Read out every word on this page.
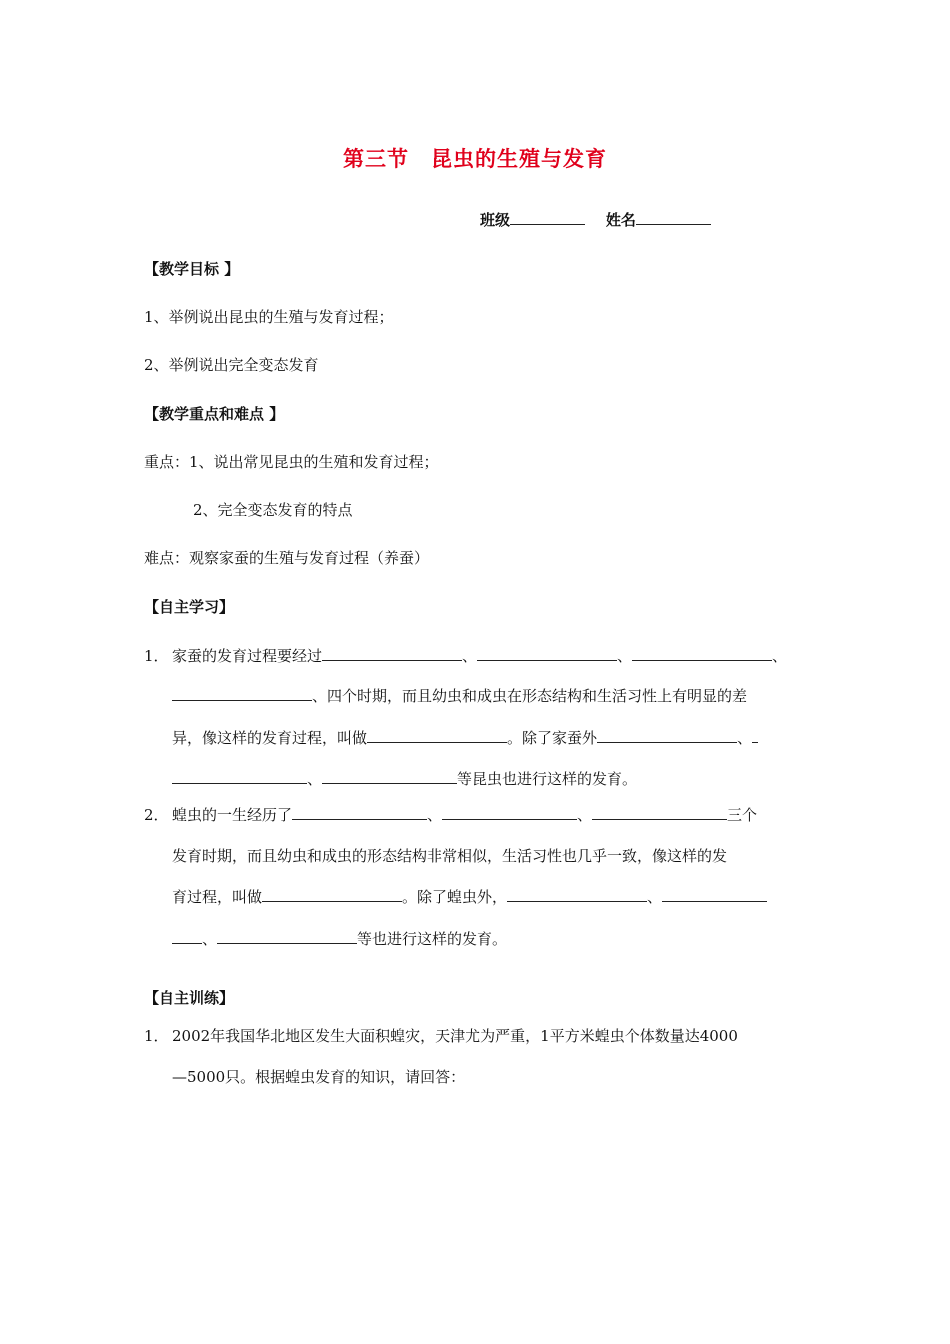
第三节　昆虫的生殖与发育
班级	姓名
【教学目标 】
1、举例说出昆虫的生殖与发育过程；
2、举例说出完全变态发育
【教学重点和难点 】
重点：1、说出常见昆虫的生殖和发育过程；
2、完全变态发育的特点
难点：观察家蚕的生殖与发育过程（养蚕）
【自主学习】
1． 家蚕的发育过程要经过	、	、	、
、四个时期，而且幼虫和成虫在形态结构和生活习性上有明显的差
异，像这样的发育过程，叫做	。除了家蚕外	、
、	等昆虫也进行这样的发育。
2． 蝗虫的一生经历了	、	、	三个
发育时期，而且幼虫和成虫的形态结构非常相似，生活习性也几乎一致，像这样的发
育过程，叫做	。除了蝗虫外，	、
、	等也进行这样的发育。
【自主训练】
1． 2002年我国华北地区发生大面积蝗灾，天津尤为严重，1平方米蝗虫个体数量达4000
—5000只。根据蝗虫发育的知识，请回答：
